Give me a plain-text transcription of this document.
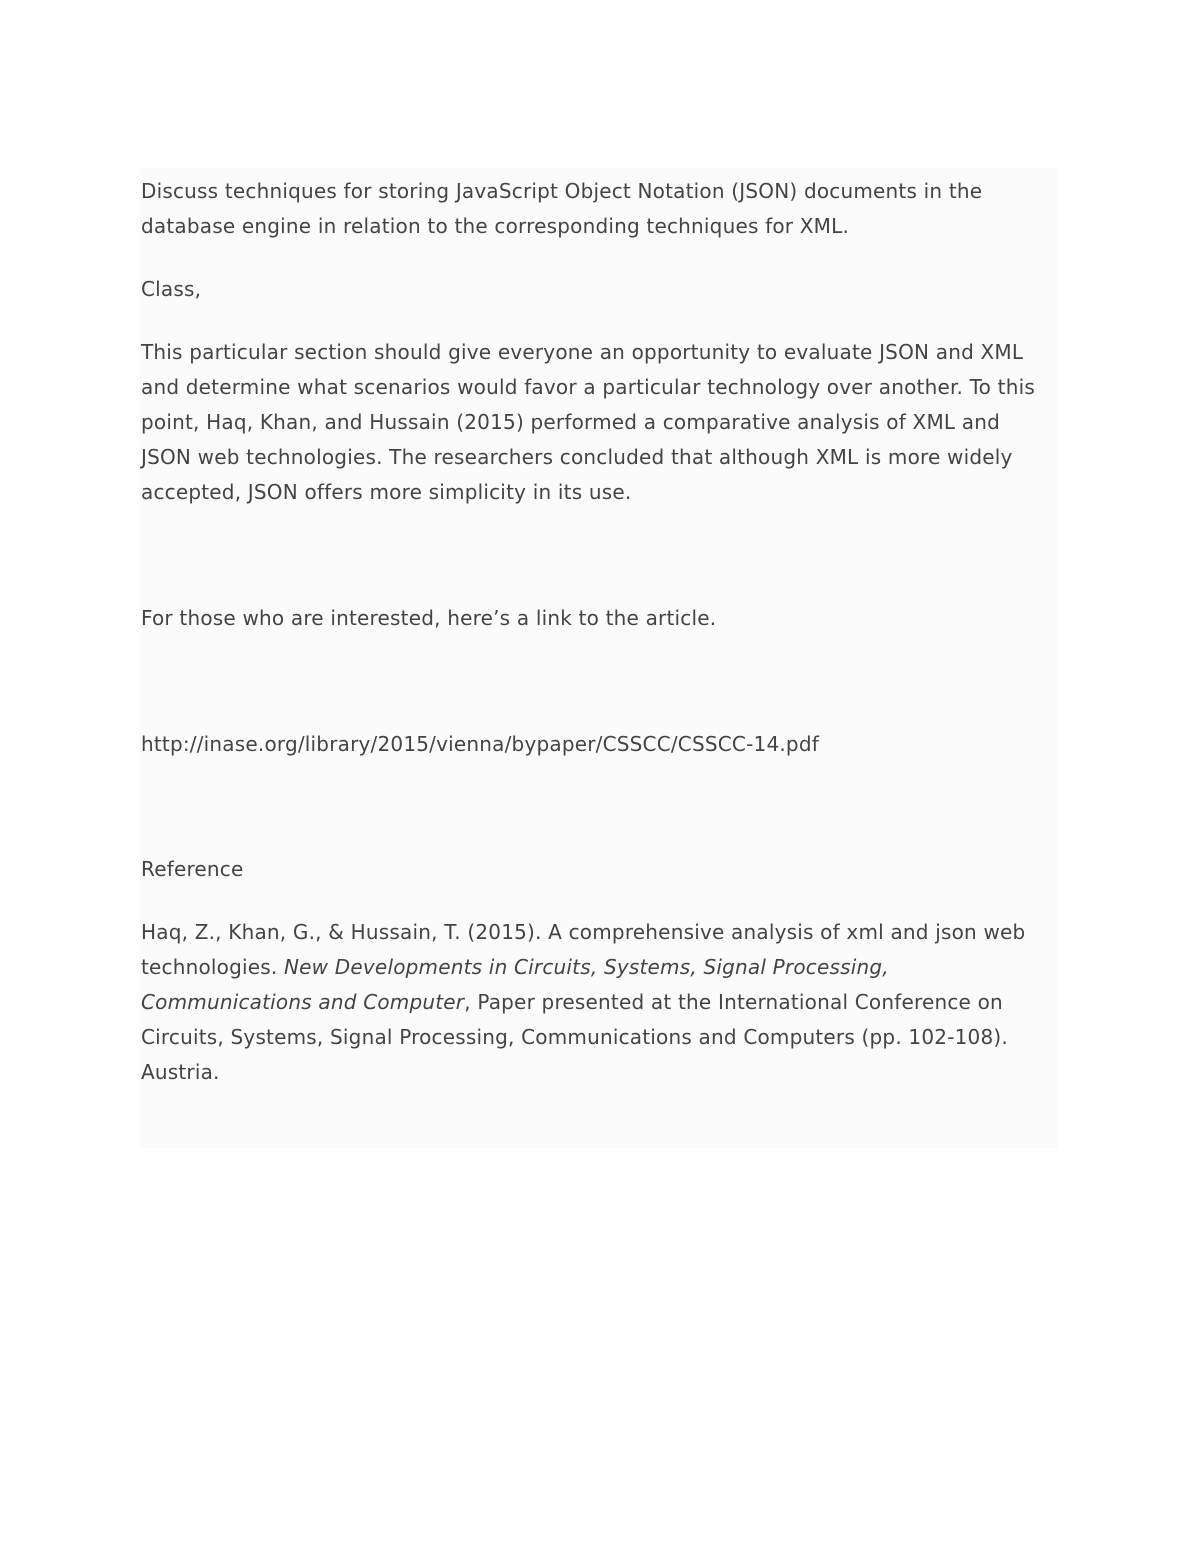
Discuss techniques for storing JavaScript Object Notation (JSON) documents in the database engine in relation to the corresponding techniques for XML.

Class,

This particular section should give everyone an opportunity to evaluate JSON and XML and determine what scenarios would favor a particular technology over another. To this point, Haq, Khan, and Hussain (2015) performed a comparative analysis of XML and JSON web technologies. The researchers concluded that although XML is more widely accepted, JSON offers more simplicity in its use.

For those who are interested, here’s a link to the article.

http://inase.org/library/2015/vienna/bypaper/CSSCC/CSSCC-14.pdf

Reference

Haq, Z., Khan, G., & Hussain, T. (2015). A comprehensive analysis of xml and json web technologies. New Developments in Circuits, Systems, Signal Processing, Communications and Computer, Paper presented at the International Conference on Circuits, Systems, Signal Processing, Communications and Computers (pp. 102-108). Austria.
